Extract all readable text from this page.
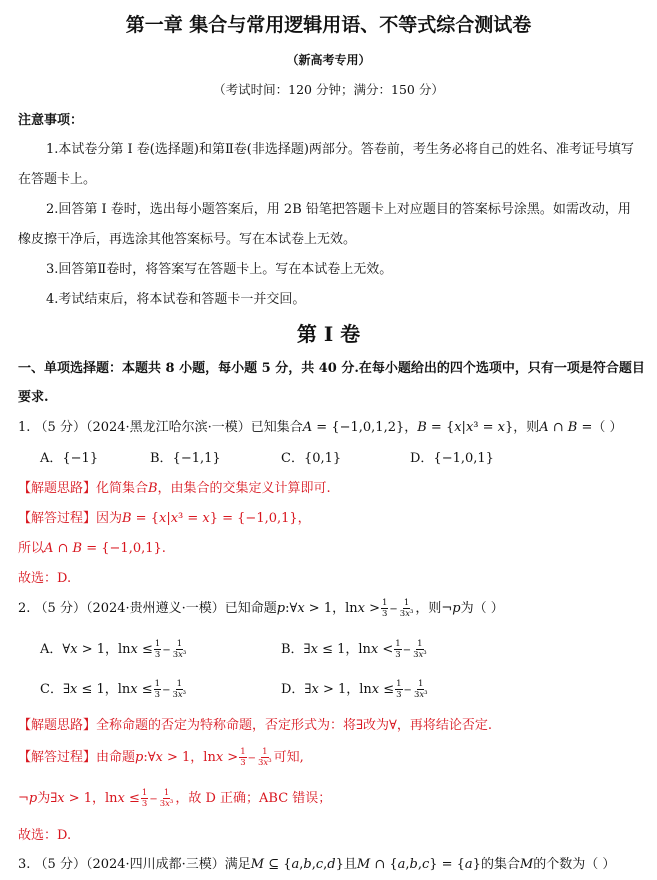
第一章 集合与常用逻辑用语、不等式综合测试卷
（新高考专用）
（考试时间：120 分钟；满分：150 分）
注意事项：
1.本试卷分第 I 卷(选择题)和第Ⅱ卷(非选择题)两部分。答卷前，考生务必将自己的姓名、准考证号填写
在答题卡上。
2.回答第 I 卷时，选出每小题答案后，用 2B 铅笔把答题卡上对应题目的答案标号涂黑。如需改动，用
橡皮擦干净后，再选涂其他答案标号。写在本试卷上无效。
3.回答第Ⅱ卷时，将答案写在答题卡上。写在本试卷上无效。
4.考试结束后，将本试卷和答题卡一并交回。
第 I 卷
一、单项选择题：本题共 8 小题，每小题 5 分，共 40 分.在每小题给出的四个选项中，只有一项是符合题目
要求.
1. （5 分）（2024·黑龙江哈尔滨·一模）已知集合𝐴 = {−1,0,1,2}，𝐵 = {𝑥|𝑥³ = 𝑥}，则𝐴 ∩ 𝐵 =（ ）
A．{−1}	B．{−1,1}	C．{0,1}	D．{−1,0,1}
【解题思路】化简集合𝐵，由集合的交集定义计算即可.
【解答过程】因为𝐵 = {𝑥|𝑥³ = 𝑥} = {−1,0,1}，
所以𝐴 ∩ 𝐵 = {−1,0,1}.
故选：D.
2. （5 分）（2024·贵州遵义·一模）已知命题𝑝:∀𝑥 > 1，ln𝑥 > $\frac{1}{3} - \frac{1}{\text{3𝑥³}}$ ，则¬𝑝为（ ）
A．∀𝑥 > 1，ln𝑥 ≤ $\frac{1}{3} - \frac{1}{\text{3𝑥³}}$	B．∃𝑥 ≤ 1，ln𝑥 < $\frac{1}{3} - \frac{1}{\text{3𝑥³}}$
C．∃𝑥 ≤ 1，ln𝑥 ≤ $\frac{1}{3} - \frac{1}{\text{3𝑥³}}$	D．∃𝑥 > 1，ln𝑥 ≤ $\frac{1}{3} - \frac{1}{\text{3𝑥³}}$
【解题思路】全称命题的否定为特称命题，否定形式为：将∃改为∀，再将结论否定.
【解答过程】由命题𝑝:∀𝑥 > 1，ln𝑥 > $\frac{1}{3} - \frac{1}{\text{3𝑥³}}$ 可知,
¬𝑝为∃𝑥 > 1，ln𝑥 ≤ $\frac{1}{3} - \frac{1}{\text{3𝑥³}}$ ，故 D 正确；ABC 错误；
故选：D.
3. （5 分）（2024·四川成都·三模）满足𝑀 ⊆ {𝑎,𝑏,𝑐,𝑑}且𝑀 ∩ {𝑎,𝑏,𝑐} = {𝑎}的集合𝑀的个数为（ ）
